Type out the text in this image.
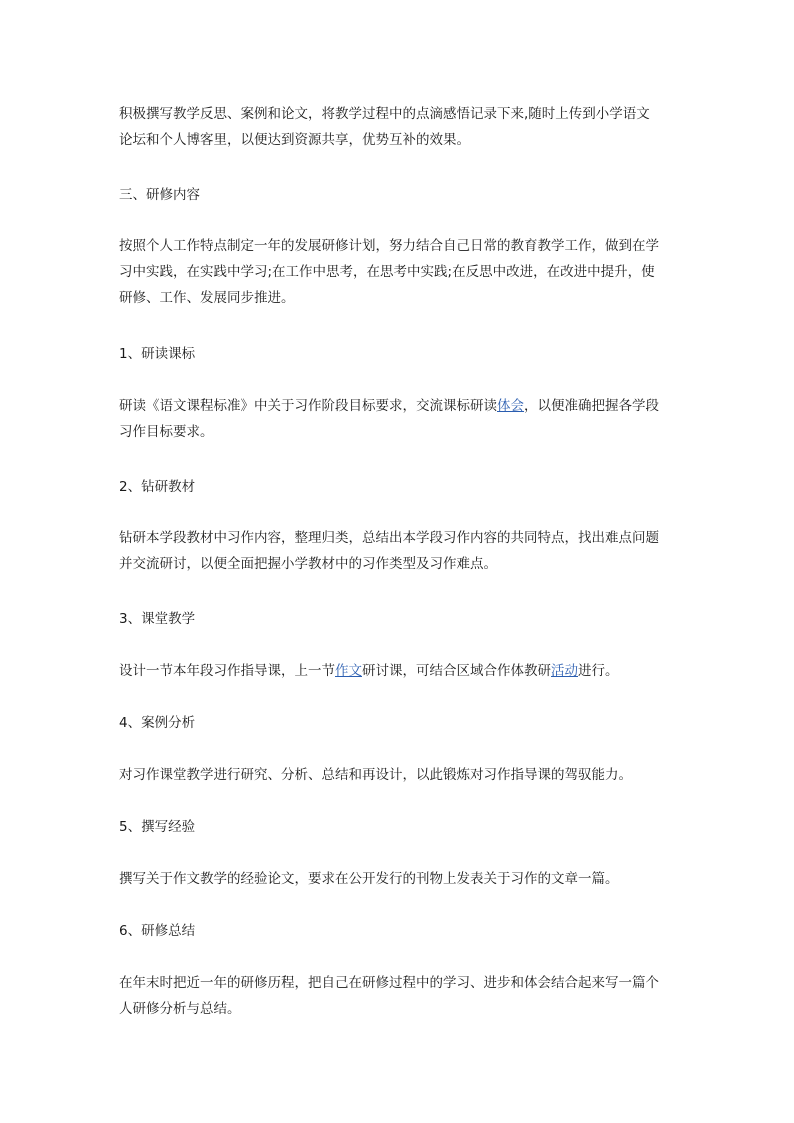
积极撰写教学反思、案例和论文，将教学过程中的点滴感悟记录下来,随时上传到小学语文
论坛和个人博客里，以便达到资源共享，优势互补的效果。

三、研修内容

按照个人工作特点制定一年的发展研修计划，努力结合自己日常的教育教学工作，做到在学
习中实践，在实践中学习;在工作中思考，在思考中实践;在反思中改进，在改进中提升，使
研修、工作、发展同步推进。

1、研读课标

研读《语文课程标准》中关于习作阶段目标要求，交流课标研读体会，以便准确把握各学段
习作目标要求。

2、钻研教材

钻研本学段教材中习作内容，整理归类，总结出本学段习作内容的共同特点，找出难点问题
并交流研讨，以便全面把握小学教材中的习作类型及习作难点。

3、课堂教学

设计一节本年段习作指导课，上一节作文研讨课，可结合区域合作体教研活动进行。

4、案例分析

对习作课堂教学进行研究、分析、总结和再设计，以此锻炼对习作指导课的驾驭能力。

5、撰写经验

撰写关于作文教学的经验论文，要求在公开发行的刊物上发表关于习作的文章一篇。

6、研修总结

在年末时把近一年的研修历程，把自己在研修过程中的学习、进步和体会结合起来写一篇个
人研修分析与总结。
